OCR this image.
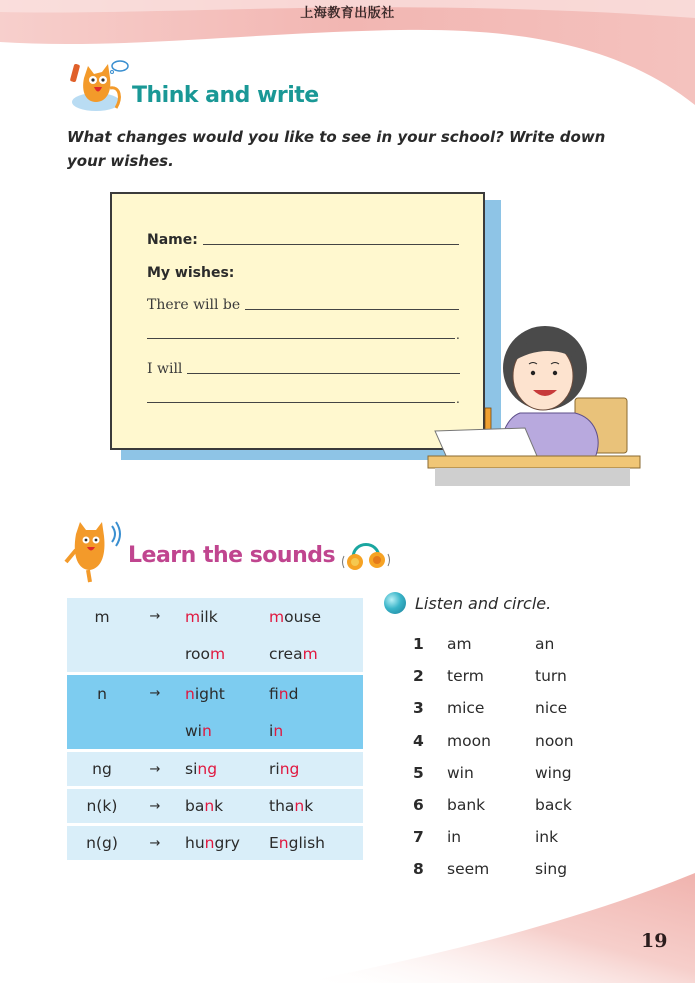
上海教育出版社
19
Think and write
What changes would you like to see in your school? Write down your wishes.
Name:
My wishes:
There will be
.
I will
.
Learn the sounds
m	→	milk	mouse
room	cream
n	→	night	find
win	in
ng	→	sing	ring
n(k)	→	bank	thank
n(g)	→	hungry	English
Listen and circle.
1	am	an
2	term	turn
3	mice	nice
4	moon	noon
5	win	wing
6	bank	back
7	in	ink
8	seem	sing
